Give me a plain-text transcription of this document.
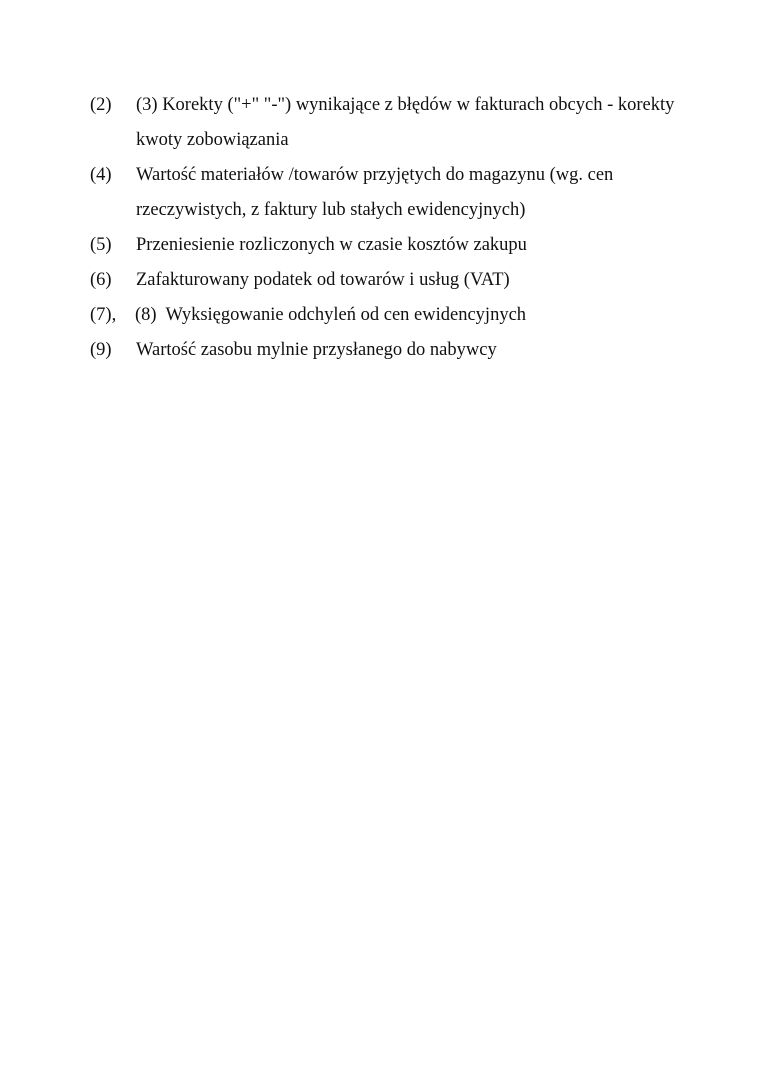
(2)	(3) Korekty ("+" "-") wynikające z błędów w fakturach obcych - korekty kwoty zobowiązania
(4)	Wartość materiałów /towarów przyjętych do magazynu (wg. cen rzeczywistych, z faktury lub stałych ewidencyjnych)
(5)	Przeniesienie rozliczonych w czasie kosztów zakupu
(6)	Zafakturowany podatek od towarów i usług (VAT)
(7),	(8)  Wyksięgowanie odchyleń od cen ewidencyjnych
(9)	Wartość zasobu mylnie przysłanego do nabywcy
